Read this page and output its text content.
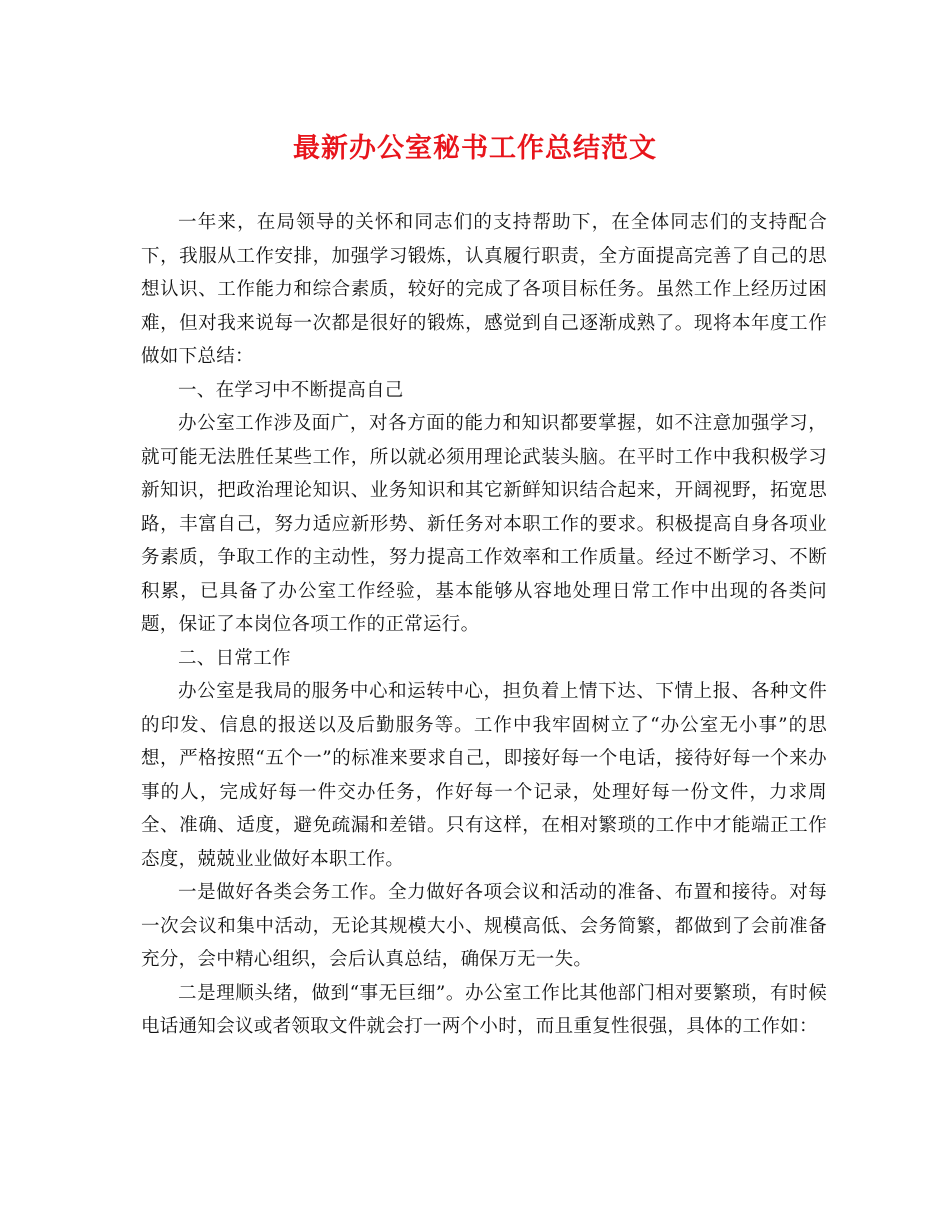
最新办公室秘书工作总结范文

一年来，在局领导的关怀和同志们的支持帮助下，在全体同志们的支持配合下，我服从工作安排，加强学习锻炼，认真履行职责，全方面提高完善了自己的思想认识、工作能力和综合素质，较好的完成了各项目标任务。虽然工作上经历过困难，但对我来说每一次都是很好的锻炼，感觉到自己逐渐成熟了。现将本年度工作做如下总结：

一、在学习中不断提高自己

办公室工作涉及面广，对各方面的能力和知识都要掌握，如不注意加强学习，就可能无法胜任某些工作，所以就必须用理论武装头脑。在平时工作中我积极学习新知识，把政治理论知识、业务知识和其它新鲜知识结合起来，开阔视野，拓宽思路，丰富自己，努力适应新形势、新任务对本职工作的要求。积极提高自身各项业务素质，争取工作的主动性，努力提高工作效率和工作质量。经过不断学习、不断积累，已具备了办公室工作经验，基本能够从容地处理日常工作中出现的各类问题，保证了本岗位各项工作的正常运行。

二、日常工作

办公室是我局的服务中心和运转中心，担负着上情下达、下情上报、各种文件的印发、信息的报送以及后勤服务等。工作中我牢固树立了“办公室无小事”的思想，严格按照“五个一”的标准来要求自己，即接好每一个电话，接待好每一个来办事的人，完成好每一件交办任务，作好每一个记录，处理好每一份文件，力求周全、准确、适度，避免疏漏和差错。只有这样，在相对繁琐的工作中才能端正工作态度，兢兢业业做好本职工作。

一是做好各类会务工作。全力做好各项会议和活动的准备、布置和接待。对每一次会议和集中活动，无论其规模大小、规模高低、会务简繁，都做到了会前准备充分，会中精心组织，会后认真总结，确保万无一失。

二是理顺头绪，做到“事无巨细”。办公室工作比其他部门相对要繁琐，有时候电话通知会议或者领取文件就会打一两个小时，而且重复性很强，具体的工作如：
